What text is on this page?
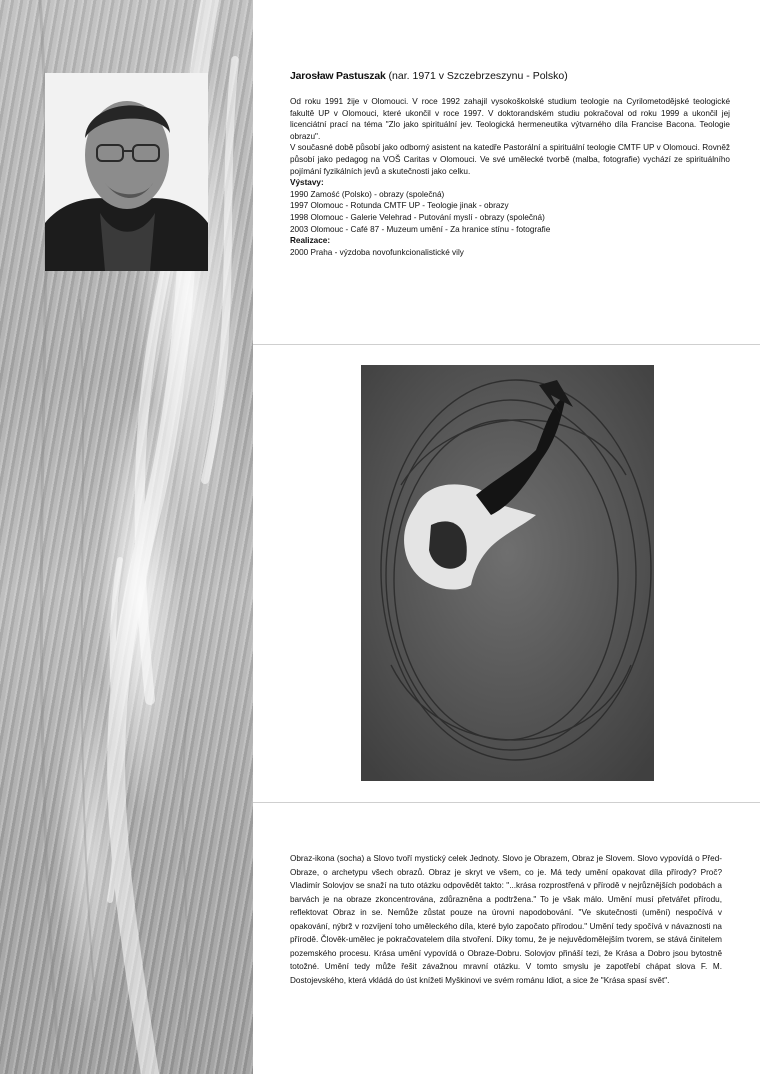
Jarosław Pastuszak (nar. 1971 v Szczebrzeszynu - Polsko)

Od roku 1991 žije v Olomouci. V roce 1992 zahajil vysokoškolské studium teologie na Cyrilometodějské teologické fakultě UP v Olomouci, které ukončil v roce 1997. V doktorandském studiu pokračoval od roku 1999 a ukončil jej licenciátní prací na téma "Zlo jako spirituální jev. Teologická hermeneutika výtvarného díla Francise Bacona. Teologie obrazu".

V současné době působí jako odborný asistent na katedře Pastorální a spirituální teologie CMTF UP v Olomouci. Rovněž působí jako pedagog na VOŠ Caritas v Olomouci. Ve své umělecké tvorbě (malba, fotografie) vychází ze spirituálního pojímání fyzikálních jevů a skutečnosti jako celku.

Výstavy:

1990 Zamość (Polsko) - obrazy (společná)

1997 Olomouc - Rotunda CMTF UP - Teologie jinak - obrazy

1998 Olomouc - Galerie Velehrad - Putování myslí - obrazy (společná)

2003 Olomouc - Café 87 - Muzeum umění - Za hranice stínu - fotografie

Realizace:

2000 Praha - výzdoba novofunkcionalistické vily

Obraz-ikona (socha) a Slovo tvoří mystický celek Jednoty. Slovo je Obrazem, Obraz je Slovem. Slovo vypovídá o Před-Obraze, o archetypu všech obrazů. Obraz je skryt ve všem, co je. Má tedy umění opakovat díla přírody? Proč? Vladimír Solovjov se snaží na tuto otázku odpovědět takto: "...krása rozprostřená v přírodě v nejrůznějších podobách a barvách je na obraze zkoncentrována, zdůrazněna a podtržena." To je však málo. Umění musí přetvářet přírodu, reflektovat Obraz in se. Nemůže zůstat pouze na úrovni napodobování. "Ve skutečnosti (umění) nespočívá v opakování, nýbrž v rozvíjení toho uměleckého díla, které bylo započato přírodou." Umění tedy spočívá v návaznosti na přírodě. Člověk-umělec je pokračovatelem díla stvoření. Díky tomu, že je nejuvědomělejším tvorem, se stává činitelem pozemského procesu. Krása umění vypovídá o Obraze-Dobru. Solovjov přináší tezi, že Krása a Dobro jsou bytostně totožné. Umění tedy může řešit závažnou mravní otázku. V tomto smyslu je zapotřebí chápat slova F. M. Dostojevského, která vkládá do úst knížeti Myškinovi ve svém románu Idiot, a sice že "Krása spasí svět".
